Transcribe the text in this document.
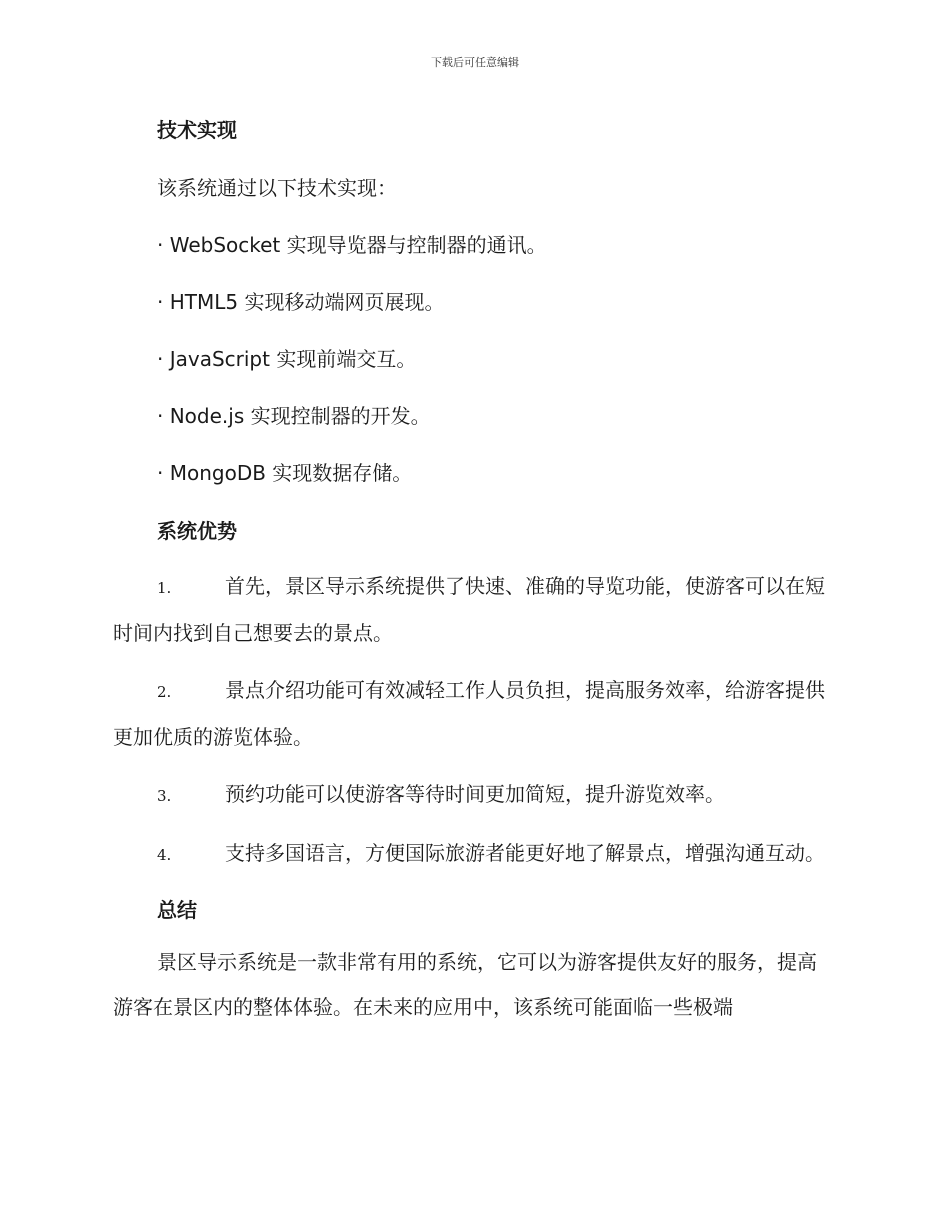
下载后可任意编辑
技术实现
该系统通过以下技术实现：
· WebSocket 实现导览器与控制器的通讯。
· HTML5 实现移动端网页展现。
· JavaScript 实现前端交互。
· Node.js 实现控制器的开发。
· MongoDB 实现数据存储。
系统优势
1.	首先，景区导示系统提供了快速、准确的导览功能，使游客可以在短时间内找到自己想要去的景点。
2.	景点介绍功能可有效减轻工作人员负担，提高服务效率，给游客提供更加优质的游览体验。
3.	预约功能可以使游客等待时间更加简短，提升游览效率。
4.	支持多国语言，方便国际旅游者能更好地了解景点，增强沟通互动。
总结
景区导示系统是一款非常有用的系统，它可以为游客提供友好的服务，提高游客在景区内的整体体验。在未来的应用中，该系统可能面临一些极端
